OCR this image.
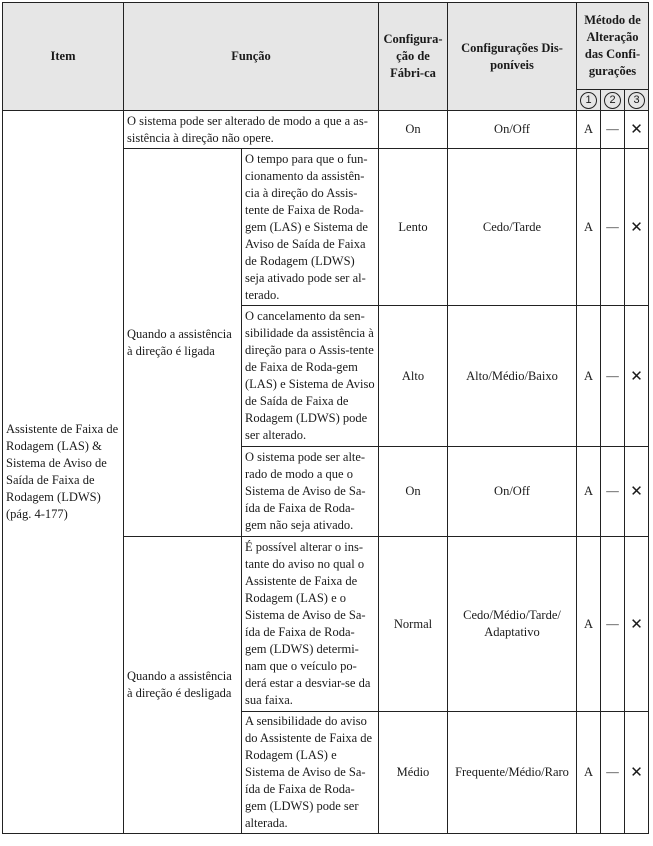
Item	Função		Configura-ção de Fábri-ca	Configurações Dis-poníveis	Método de Alteração das Confi-gurações		
					1	2	3
Assistente de Faixa de Rodagem (LAS) & Sistema de Aviso de Saída de Faixa de Rodagem (LDWS) (pág. 4-177)	O sistema pode ser alterado de modo a que a as-sistência à direção não opere.		On	On/Off	A	—	✕
	Quando a assistência à direção é ligada	O tempo para que o fun-cionamento da assistên-cia à direção do Assis-tente de Faixa de Roda-gem (LAS) e Sistema de Aviso de Saída de Faixa de Rodagem (LDWS) seja ativado pode ser al-terado.	Lento	Cedo/Tarde	A	—	✕
		O cancelamento da sen-sibilidade da assistência à direção para o Assis-tente de Faixa de Roda-gem (LAS) e Sistema de Aviso de Saída de Faixa de Rodagem (LDWS) pode ser alterado.	Alto	Alto/Médio/Baixo	A	—	✕
		O sistema pode ser alte-rado de modo a que o Sistema de Aviso de Sa-ída de Faixa de Roda-gem não seja ativado.	On	On/Off	A	—	✕
	Quando a assistência à direção é desligada	É possível alterar o ins-tante do aviso no qual o Assistente de Faixa de Rodagem (LAS) e o Sistema de Aviso de Sa-ída de Faixa de Roda-gem (LDWS) determi-nam que o veículo po-derá estar a desviar-se da sua faixa.	Normal	Cedo/Médio/Tarde/ Adaptativo	A	—	✕
		A sensibilidade do aviso do Assistente de Faixa de Rodagem (LAS) e Sistema de Aviso de Sa-ída de Faixa de Roda-gem (LDWS) pode ser alterada.	Médio	Frequente/Médio/Raro	A	—	✕
